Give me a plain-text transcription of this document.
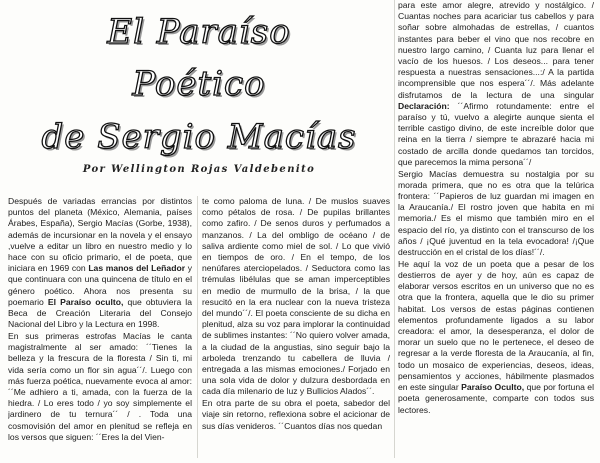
El Paraíso
Poético
de Sergio Macías
Por Wellington Rojas Valdebenito

Después de variadas errancias por distintos puntos del planeta (México, Alemania, países Árabes, España), Sergio Macías (Gorbe, 1938), además de incursionar en la novela y el ensayo ,vuelve a editar un libro en nuestro medio y lo hace con su oficio primario, el de poeta, que iniciara en 1969 con Las manos del Leñador y que continuara con una quincena de título en el género poético. Ahora nos presenta su poemario El Paraíso oculto, que obtuviera la Beca de Creación Literaria del Consejo Nacional del Libro y la Lectura en 1998.

En sus primeras estrofas Macías le canta magistralmente al ser amado: ´´Tienes la belleza y la frescura de la floresta / Sin ti, mi vida sería como un flor sin agua´´/. Luego con más fuerza poética, nuevamente evoca al amor: ´´Me adhiero a ti, amada, con la fuerza de la hiedra. / Lo eres todo / yo soy simplemente el jardinero de tu ternura´´ / . Toda una cosmovisión del amor en plenitud se refleja en los versos que siguen: ´´Eres la del Vien-

te como paloma de luna. / De muslos suaves como pétalos de rosa. / De pupilas brillantes como zafiro. / De senos duros y perfumados a manzanos. / La del ombligo de océano / de saliva ardiente como miel de sol. / Lo que vivió en tiempos de oro. / En el tempo, de los nenúfares aterciopelados. / Seductora como las trémulas libélulas que se aman imperceptibles en medio de murmullo de la brisa, / la que resucitó en la era nuclear con la nueva tristeza del mundo´´/. El poeta consciente de su dicha en plenitud, alza su voz para implorar la continuidad de sublimes instantes: ´´No quiero volver amada, a la ciudad de la angustias, sino seguir bajo la arboleda trenzando tu cabellera de lluvia / entregada a las mismas emociones./ Forjado en una sola vida de dolor y dulzura desbordada en cada día milenario de luz y Bullicios Alados´´.

En otra parte de su obra el poeta, sabedor del viaje sin retorno, reflexiona sobre el acicionar de sus días venideros. ´´Cuantos días nos quedan

para este amor alegre, atrevido y nostálgico. / Cuantas noches para acariciar tus cabellos y para soñar sobre almohadas de estrellas, / cuantos instantes para beber el vino que nos recobre en nuestro largo camino, / Cuanta luz para llenar el vacío de los huesos. / Los deseos... para tener respuesta a nuestras sensaciones...:/ A la partida incomprensible que nos espera´´/. Más adelante disfrutamos de la lectura de una singular Declaración: ´´Afirmo rotundamente: entre el paraíso y tú, vuelvo a alegirte aunque sienta el terrible castigo divino, de este increíble dolor que reina en la tierra / siempre te abrazaré hacia mi costado de arcilla donde quedamos tan torcidos, que parecemos la mima persona´´/

Sergio Macías demuestra su nostalgia por su morada primera, que no es otra que la telúrica frontera: ´´Papieros de luz guardan mi imagen en la Araucanía./ El rostro joven que habita en mi memoria./ Es el mismo que también miro en el espacio del río, ya distinto con el transcurso de los años / ¡Qué juventud en la tela evocadora! /¡Que destrucción en el cristal de los días!´´/.

He aquí la voz de un poeta que a pesar de los destierros de ayer y de hoy, aún es capaz de elaborar versos escritos en un universo que no es otra que la frontera, aquella que le dio su primer habitat. Los versos de estas páginas contienen elementos profundamente ligados a su labor creadora: el amor, la desesperanza, el dolor de morar un suelo que no le pertenece, el deseo de regresar a la verde floresta de la Araucanía, al fin, todo un mosaico de experiencias, deseos, ideas, pensamientos y acciones, hábilmente plasmados en este singular Paraíso Oculto, que por fortuna el poeta generosamente, comparte con todos sus lectores.
